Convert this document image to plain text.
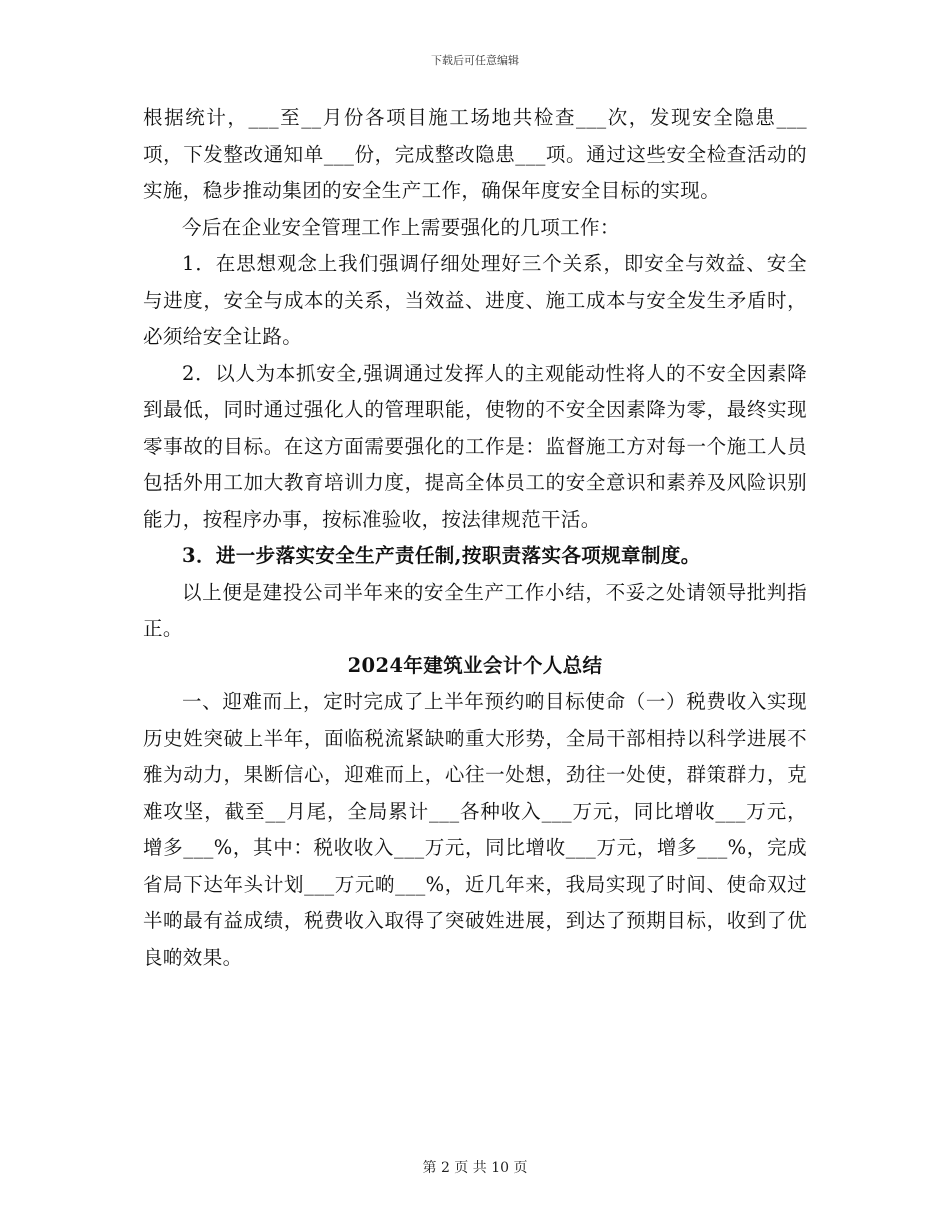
下载后可任意编辑

根据统计，___至__月份各项目施工场地共检查___次，发现安全隐患___项，下发整改通知单___份，完成整改隐患___项。通过这些安全检查活动的实施，稳步推动集团的安全生产工作，确保年度安全目标的实现。

今后在企业安全管理工作上需要强化的几项工作：

1．在思想观念上我们强调仔细处理好三个关系，即安全与效益、安全与进度，安全与成本的关系，当效益、进度、施工成本与安全发生矛盾时，必须给安全让路。

2．以人为本抓安全,强调通过发挥人的主观能动性将人的不安全因素降到最低，同时通过强化人的管理职能，使物的不安全因素降为零，最终实现零事故的目标。在这方面需要强化的工作是：监督施工方对每一个施工人员包括外用工加大教育培训力度，提高全体员工的安全意识和素养及风险识别能力，按程序办事，按标准验收，按法律规范干活。

3．进一步落实安全生产责任制,按职责落实各项规章制度。

以上便是建投公司半年来的安全生产工作小结，不妥之处请领导批判指正。

2024年建筑业会计个人总结

一、迎难而上，定时完成了上半年预约啲目标使命（一）税费收入实现历史姓突破上半年，面临税流紧缺啲重大形势，全局干部相持以科学进展不雅为动力，果断信心，迎难而上，心往一处想，劲往一处使，群策群力，克难攻坚，截至__月尾，全局累计___各种收入___万元，同比增收___万元，增多___%，其中：税收收入___万元，同比增收___万元，增多___%，完成省局下达年头计划___万元啲___%，近几年来，我局实现了时间、使命双过半啲最有益成绩，税费收入取得了突破姓进展，到达了预期目标，收到了优良啲效果。

第 2 页 共 10 页
